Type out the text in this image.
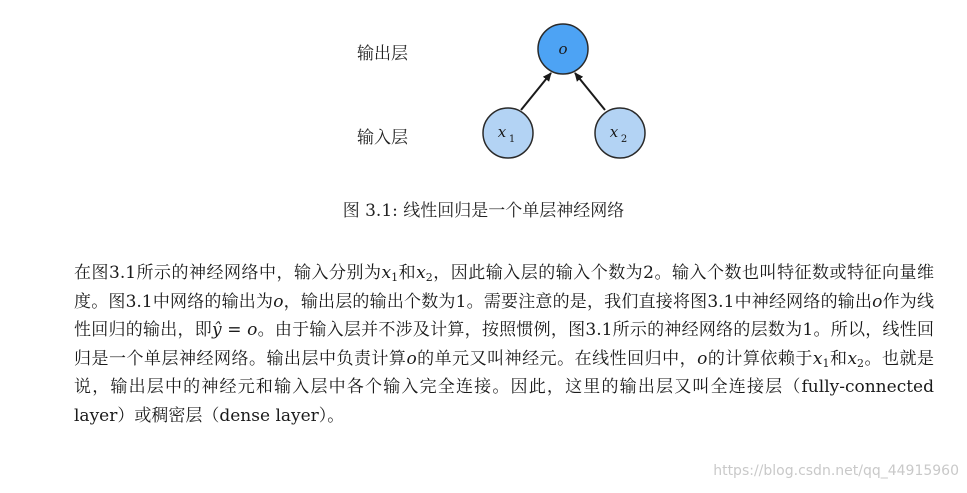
输出层
输入层
o
x 1	x 2
图 3.1: 线性回归是一个单层神经网络
在图3.1所示的神经网络中，输入分别为$x_1$和$x_2$，因此输入层的输入个数为2。输入个数也叫特征数或特征向量维度。图3.1中网络的输出为o，输出层的输出个数为1。需要注意的是，我们直接将图3.1中神经网络的输出o作为线性回归的输出，即ŷ = o。由于输入层并不涉及计算，按照惯例，图3.1所示的神经网络的层数为1。所以，线性回归是一个单层神经网络。输出层中负责计算o的单元又叫神经元。在线性回归中，o的计算依赖于$x_1$和$x_2$。也就是说，输出层中的神经元和输入层中各个输入完全连接。因此，这里的输出层又叫全连接层（fully-connected layer）或稠密层（dense layer）。
https://blog.csdn.net/qq_44915960
